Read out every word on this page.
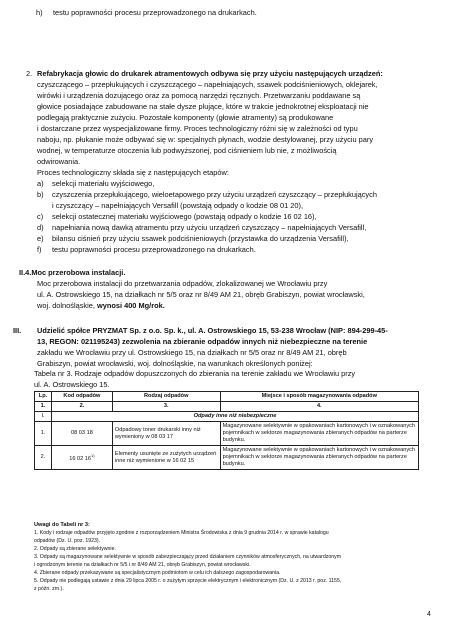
h) testu poprawności procesu przeprowadzonego na drukarkach.
2. Refabrykacja głowic do drukarek atramentowych odbywa się przy użyciu następujących urządzeń:
czyszczącego – przepłukujących i czyszczącego – napełniających, ssawek podciśnieniowych, oklejarek,
wirówki i urządzenia dozującego oraz za pomocą narzędzi ręcznych. Przetwarzaniu poddawane są
głowice posiadające zabudowane na stałe dysze plujące, które w trakcie jednokrotnej eksploatacji nie
podlegają praktycznie zużyciu. Pozostałe komponenty (głowie atramenty) są produkowane
i dostarczane przez wyspecjalizowane firmy. Proces technologiczny różni się w zależności od typu
naboju, np. płukanie może odbywać się w: specjalnych płynach, wodzie destylowanej, przy użyciu pary
wodnej, w temperaturze otoczenia lub podwyższonej, pod ciśnieniem lub nie, z możliwością
odwirowania.
Proces technologiczny składa się z następujących etapów:
a) selekcji materiału wyjściowego,
b) czyszczenia przepłukującego, wieloetapowego przy użyciu urządzeń czyszczący – przepłukujących
i czyszczący – napełniających Versafill (powstają odpady o kodzie 08 01 20),
c) selekcji ostatecznej materiału wyjściowego (powstają odpady o kodzie 16 02 16),
d) napełniania nową dawką atramentu przy użyciu urządzeń czyszczący – napełniających Versafill,
e) bilansu ciśnień przy użyciu ssawek podciśnieniowych (przystawka do urządzenia Versafill),
f) testu poprawności procesu przeprowadzonego na drukarkach.
II.4.Moc przerobowa instalacji.
Moc przerobowa instalacji do przetwarzania odpadów, zlokalizowanej we Wrocławiu przy
ul. A. Ostrowskiego 15, na działkach nr 5/5 oraz nr 8/49 AM 21, obręb Grabiszyn, powiat wrocławski,
woj. dolnośląskie, wynosi 400 Mg/rok.
III. Udzielić spółce PRYZMAT Sp. z o.o. Sp. k., ul. A. Ostrowskiego 15, 53-238 Wrocław (NIP: 894-299-45-
13, REGON: 021195243) zezwolenia na zbieranie odpadów innych niż niebezpieczne na terenie
zakładu we Wrocławiu przy ul. Ostrowskiego 15, na działkach nr 5/5 oraz nr 8/49 AM 21, obręb
Grabiszyn, powiat wrocławski, woj. dolnośląskie, na warunkach określonych poniżej:
Tabela nr 3. Rodzaje odpadów dopuszczonych do zbierania na terenie zakładu we Wrocławiu przy
ul. A. Ostrowskiego 15.
Lp.	Kod odpadów	Rodzaj odpadów	Miejsce i sposób magazynowania odpadów
1.	2.	3.	4.
I.	Odpady inne niż niebezpieczne		
1.	08 03 18	Odpadowy toner drukarski inny niż wymieniony w 08 03 17	Magazynowane selektywnie w opakowaniach kartonowych i w oznakowanych pojemnikach w sektorze magazynowania zbieranych odpadów na parterze budynku.
2.	16 02 16$^{1)}$	Elementy usunięte ze zużytych urządzeń inne niż wymienione w 16 02 15	Magazynowane selektywnie w opakowaniach kartonowych i w oznakowanych pojemnikach w sektorze magazynowania zbieranych odpadów na parterze budynku.
Uwagi do Tabeli nr 3:
1. Kody i rodzaje odpadów przyjęto zgodnie z rozporządzeniem Ministra Środowiska z dnia 9 grudnia 2014 r. w sprawie katalogu
odpadów (Dz. U. poz. 1923).
2. Odpady są zbierane selektywnie.
3. Odpady są magazynowane selektywnie w sposób zabezpieczający przed działaniem czynników atmosferycznych, na utwardzonym
i ogrodzonym terenie na działkach nr 5/5 i nr 8/49 AM 21, obręb Grabiszyn, powiat wrocławski.
4. Zbierane odpady przekazywane są specjalistycznym podmiotom w celu ich dalszego zagospodarowania.
5. Odpady nie podlegają ustawie z dnia 29 lipca 2005 r. o zużytym sprzęcie elektrycznym i elektronicznym (Dz. U. z 2013 r. poz. 1155,
z późn. zm.).
4
